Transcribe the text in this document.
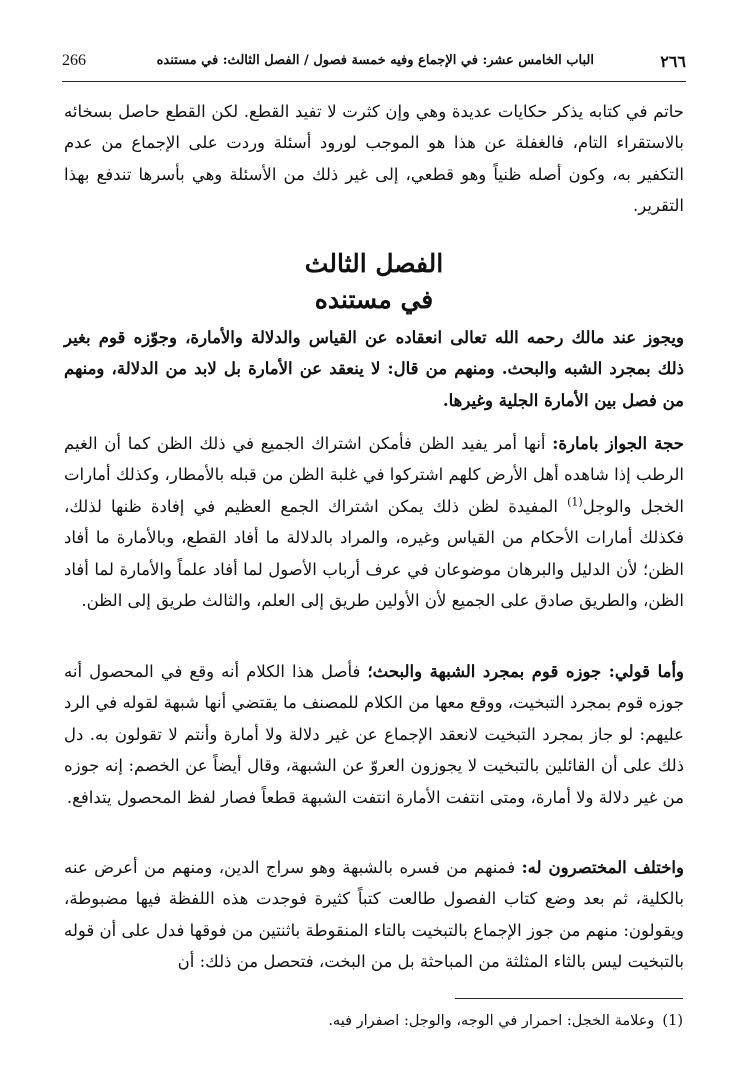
٢٦٦
الباب الخامس عشر: في الإجماع وفيه خمسة فصول / الفصل الثالث: في مستنده
266

حاتم في كتابه يذكر حكايات عديدة وهي وإن كثرت لا تفيد القطع. لكن القطع حاصل بسخائه بالاستقراء التام، فالغفلة عن هذا هو الموجب لورود أسئلة وردت على الإجماع من عدم التكفير به، وكون أصله ظنياً وهو قطعي، إلى غير ذلك من الأسئلة وهي بأسرها تندفع بهذا التقرير.

الفصل الثالث
في مستنده

ويجوز عند مالك رحمه الله تعالى انعقاده عن القياس والدلالة والأمارة، وجوّزه قوم بغير ذلك بمجرد الشبه والبحث. ومنهم من قال: لا ينعقد عن الأمارة بل لابد من الدلالة، ومنهم من فصل بين الأمارة الجلية وغيرها.

حجة الجواز بامارة: أنها أمر يفيد الظن فأمكن اشتراك الجميع في ذلك الظن كما أن الغيم الرطب إذا شاهده أهل الأرض كلهم اشتركوا في غلبة الظن من قبله بالأمطار، وكذلك أمارات الخجل والوجل$^{(1)}$ المفيدة لظن ذلك يمكن اشتراك الجمع العظيم في إفادة ظنها لذلك، فكذلك أمارات الأحكام من القياس وغيره، والمراد بالدلالة ما أفاد القطع، وبالأمارة ما أفاد الظن؛ لأن الدليل والبرهان موضوعان في عرف أرباب الأصول لما أفاد علماً والأمارة لما أفاد الظن، والطريق صادق على الجميع لأن الأولين طريق إلى العلم، والثالث طريق إلى الظن.

وأما قولي: جوزه قوم بمجرد الشبهة والبحث؛ فأصل هذا الكلام أنه وقع في المحصول أنه جوزه قوم بمجرد التبخيت، ووقع معها من الكلام للمصنف ما يقتضي أنها شبهة لقوله في الرد عليهم: لو جاز بمجرد التبخيت لانعقد الإجماع عن غير دلالة ولا أمارة وأنتم لا تقولون به. دل ذلك على أن القائلين بالتبخيت لا يجوزون العروّ عن الشبهة، وقال أيضاً عن الخصم: إنه جوزه من غير دلالة ولا أمارة، ومتى انتفت الأمارة انتفت الشبهة قطعاً فصار لفظ المحصول يتدافع.

واختلف المختصرون له: فمنهم من فسره بالشبهة وهو سراج الدين، ومنهم من أعرض عنه بالكلية، ثم بعد وضع كتاب الفصول طالعت كتباً كثيرة فوجدت هذه اللفظة فيها مضبوطة، ويقولون: منهم من جوز الإجماع بالتبخيت بالتاء المنقوطة باثنتين من فوقها فدل على أن قوله بالتبخيت ليس بالثاء المثلثة من المباحثة بل من البخت، فتحصل من ذلك: أن

(1)وعلامة الخجل: احمرار في الوجه، والوجل: اصفرار فيه.
